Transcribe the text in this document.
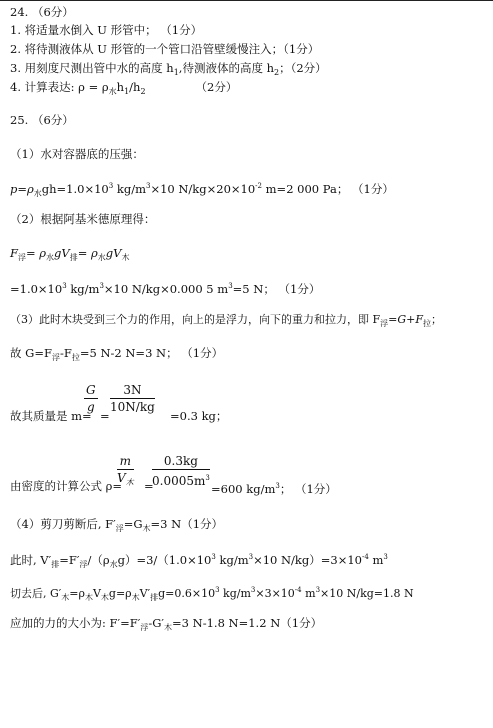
24. （6分）
1. 将适量水倒入 U 形管中； （1分）
2. 将待测液体从 U 形管的一个管口沿管壁缓慢注入；（1分）
3. 用刻度尺测出管中水的高度 $h_1$,待测液体的高度 $h_2$；（2分）
4. 计算表达: $\rho = \rho_水h_1/h_2$	（2分）
25. （6分）
（1）水对容器底的压强：
$p=\rho_水gh=1.0\times 10^3$ $kg/m^3\times 10$ $N/kg\times 20\times 10^{-2}$ m=2 000 Pa； （1分）
（2）根据阿基米德原理得：
$F_浮= \rho_水gV_排= \rho_水gV_木$
$=1.0\times 10^3$ $kg/m^3\times 10$ N/kg×0.000 5 $m^3=5$ N； （1分）
（3）此时木块受到三个力的作用，向上的是浮力，向下的重力和拉力，即 $F_浮=G+F_拉$；
故 $G=F_浮-F_拉=5$ N-2 N=3 N； （1分）
故其质量是 m=
$\frac{G}{g}$
=
$\frac{3N}{10N/kg}$
=0.3 kg；
由密度的计算公式 ρ=
m
$V_木$ =
$\frac{0.3kg}{0.0005m^3} =600$ $kg/m^3$； （1分）
（4）剪刀剪断后, $F'_浮=G_木=3$ N（1分）
此时, $V'_排=F'_浮/(\rho_水g)=3/(1.0\times 10^3$ $kg/m^3\times 10$ $N/kg)=3\times 10^{-4}$ $m^3$
切去后, $G'_木=\rho_木V_木g=\rho_木V'_排g=0.6\times 10^3$ $kg/m^3\times 3\times 10^{-4}$ $m^3\times 10$ N/kg=1.8 N
应加的力的大小为: $F'=F'_浮-G'_木=3$ N-1.8 N=1.2 N（1分）
